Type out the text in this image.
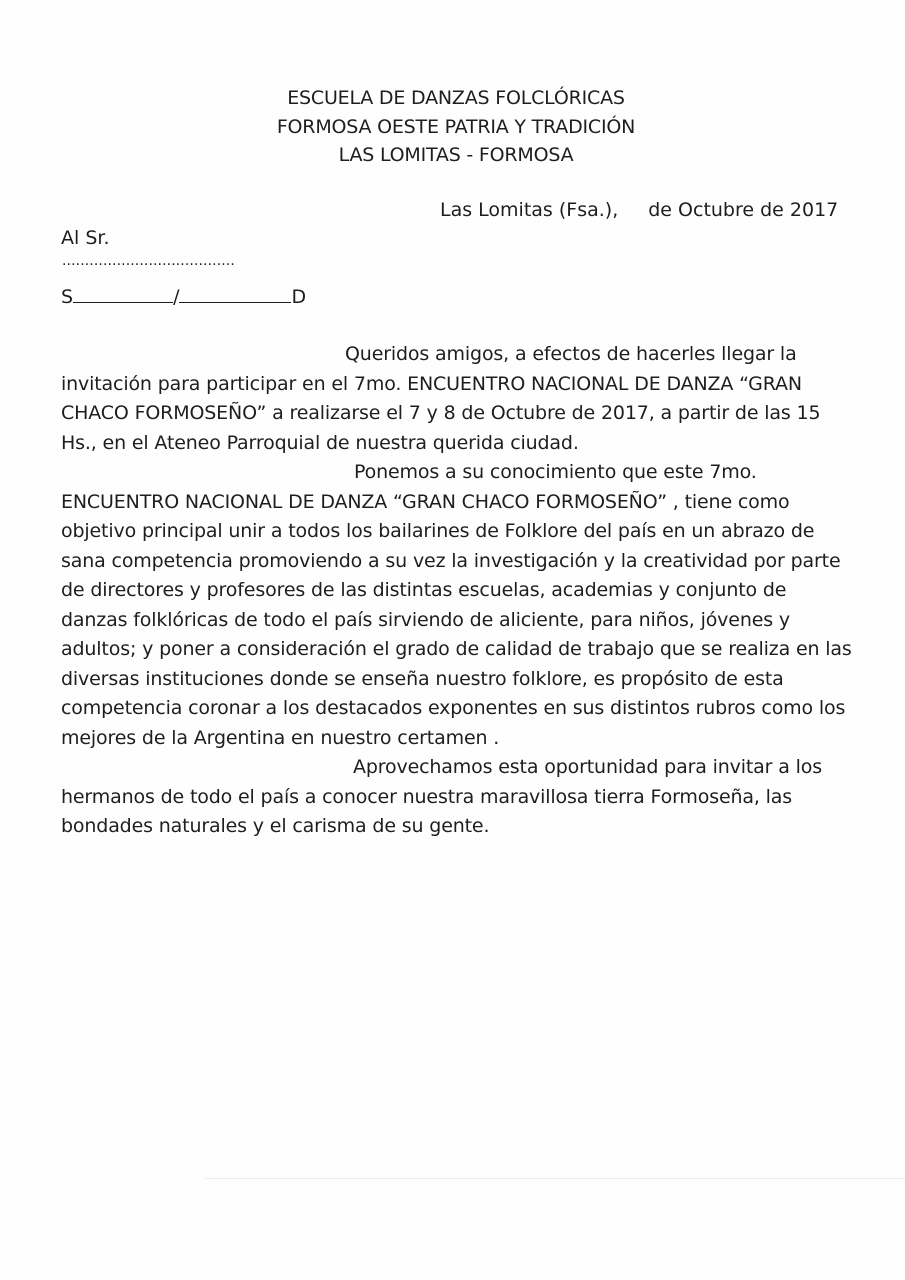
ESCUELA DE DANZAS FOLCLÓRICAS
FORMOSA OESTE PATRIA Y TRADICIÓN
LAS LOMITAS - FORMOSA
Las Lomitas (Fsa.), de Octubre de 2017
Al Sr.
......................................
S	/	D
Queridos amigos, a efectos de hacerles llegar la
invitación para participar en el 7mo. ENCUENTRO NACIONAL DE DANZA “GRAN
CHACO FORMOSEÑO” a realizarse el 7 y 8 de Octubre de 2017, a partir de las 15
Hs., en el Ateneo Parroquial de nuestra querida ciudad.
Ponemos a su conocimiento que este 7mo.
ENCUENTRO NACIONAL DE DANZA “GRAN CHACO FORMOSEÑO” , tiene como
objetivo principal unir a todos los bailarines de Folklore del país en un abrazo de
sana competencia promoviendo a su vez la investigación y la creatividad por parte
de directores y profesores de las distintas escuelas, academias y conjunto de
danzas folklóricas de todo el país sirviendo de aliciente, para niños, jóvenes y
adultos; y poner a consideración el grado de calidad de trabajo que se realiza en las
diversas instituciones donde se enseña nuestro folklore, es propósito de esta
competencia coronar a los destacados exponentes en sus distintos rubros como los
mejores de la Argentina en nuestro certamen .
Aprovechamos esta oportunidad para invitar a los
hermanos de todo el país a conocer nuestra maravillosa tierra Formoseña, las
bondades naturales y el carisma de su gente.
